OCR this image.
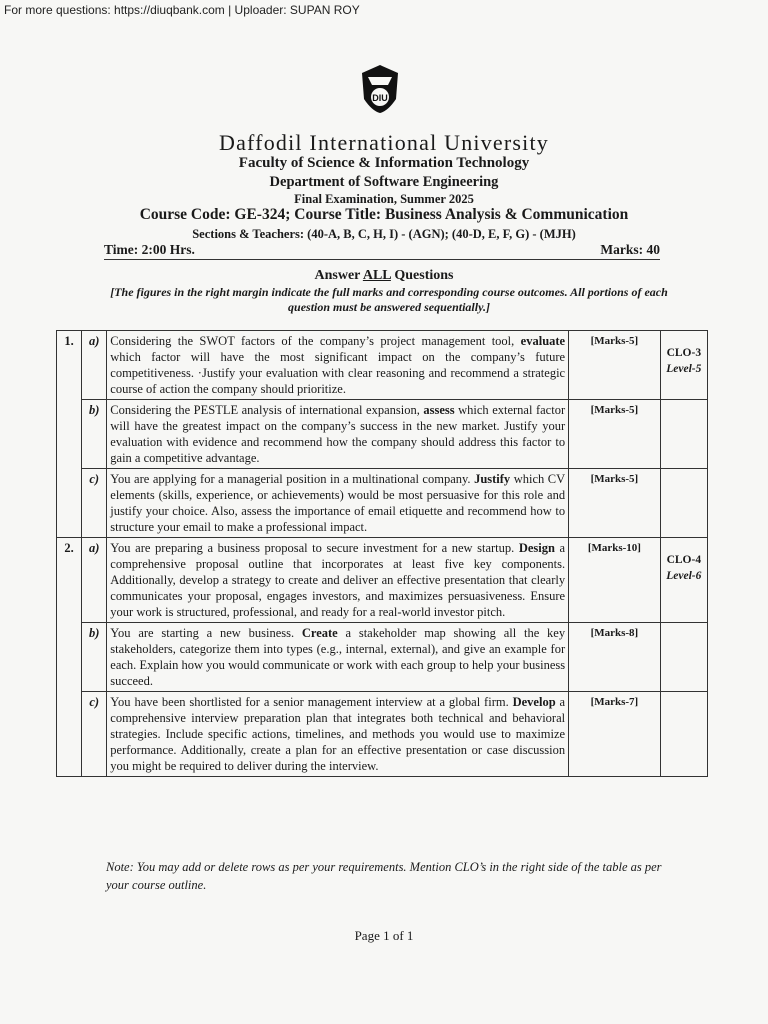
For more questions: https://diuqbank.com | Uploader: SUPAN ROY
DIU
Daffodil International University
Faculty of Science & Information Technology
Department of Software Engineering
Final Examination, Summer 2025
Course Code: GE-324; Course Title: Business Analysis & Communication
Sections & Teachers: (40-A, B, C, H, I) - (AGN); (40-D, E, F, G) - (MJH)
Time: 2:00 Hrs.	Marks: 40
Answer ALL Questions
[The figures in the right margin indicate the full marks and corresponding course outcomes. All portions of each question must be answered sequentially.]
1.	a)	Considering the SWOT factors of the company’s project management tool, evaluate which factor will have the most significant impact on the company’s future competitiveness. ·Justify your evaluation with clear reasoning and recommend a strategic course of action the company should prioritize.	[Marks-5]	CLO-3
Level-5

	b)	Considering the PESTLE analysis of international expansion, assess which external factor will have the greatest impact on the company’s success in the new market. Justify your evaluation with evidence and recommend how the company should address this factor to gain a competitive advantage.	[Marks-5]	
	c)	You are applying for a managerial position in a multinational company. Justify which CV elements (skills, experience, or achievements) would be most persuasive for this role and justify your choice. Also, assess the importance of email etiquette and recommend how to structure your email to make a professional impact.	[Marks-5]	
2.	a)	You are preparing a business proposal to secure investment for a new startup. Design a comprehensive proposal outline that incorporates at least five key components. Additionally, develop a strategy to create and deliver an effective presentation that clearly communicates your proposal, engages investors, and maximizes persuasiveness. Ensure your work is structured, professional, and ready for a real-world investor pitch.	[Marks-10]	CLO-4
Level-6

	b)	You are starting a new business. Create a stakeholder map showing all the key stakeholders, categorize them into types (e.g., internal, external), and give an example for each. Explain how you would communicate or work with each group to help your business succeed.	[Marks-8]	
	c)	You have been shortlisted for a senior management interview at a global firm. Develop a comprehensive interview preparation plan that integrates both technical and behavioral strategies. Include specific actions, timelines, and methods you would use to maximize performance. Additionally, create a plan for an effective presentation or case discussion you might be required to deliver during the interview.	[Marks-7]	
Note: You may add or delete rows as per your requirements. Mention CLO’s in the right side of the table as per your course outline.
Page 1 of 1
